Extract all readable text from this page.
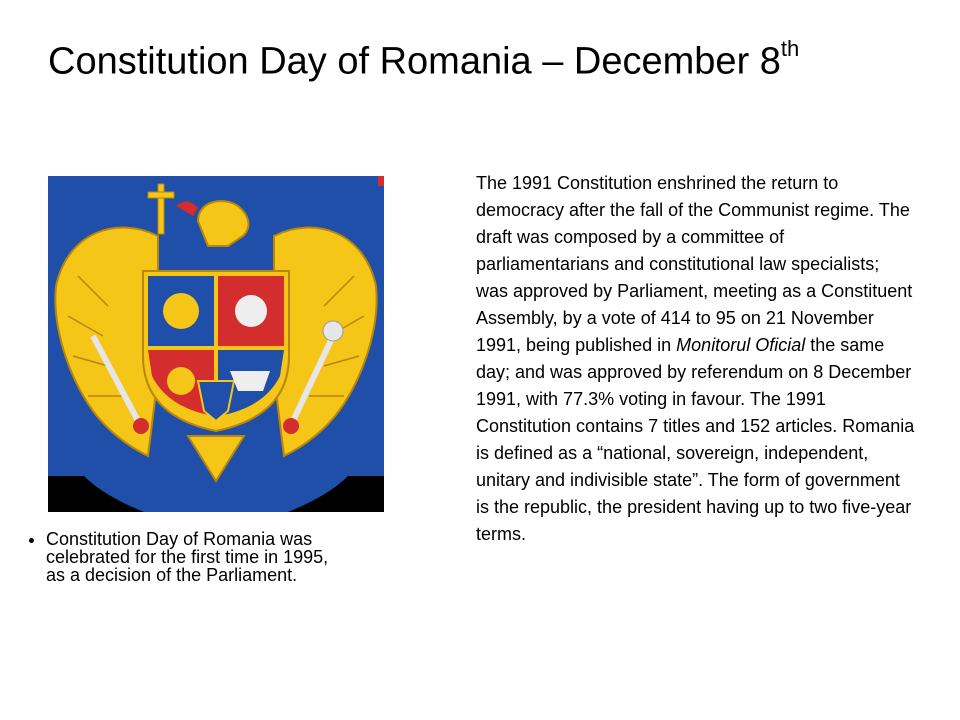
Constitution Day of Romania – December 8th
• Constitution Day of Romania was celebrated for the first time in 1995, as a decision of the Parliament.

The 1991 Constitution enshrined the return to democracy after the fall of the Communist regime. The draft was composed by a committee of parliamentarians and constitutional law specialists; was approved by Parliament, meeting as a Constituent Assembly, by a vote of 414 to 95 on 21 November 1991, being published in Monitorul Oficial the same day; and was approved by referendum on 8 December 1991, with 77.3% voting in favour. The 1991 Constitution contains 7 titles and 152 articles. Romania is defined as a “national, sovereign, independent, unitary and indivisible state”. The form of government is the republic, the president having up to two five-year terms.
